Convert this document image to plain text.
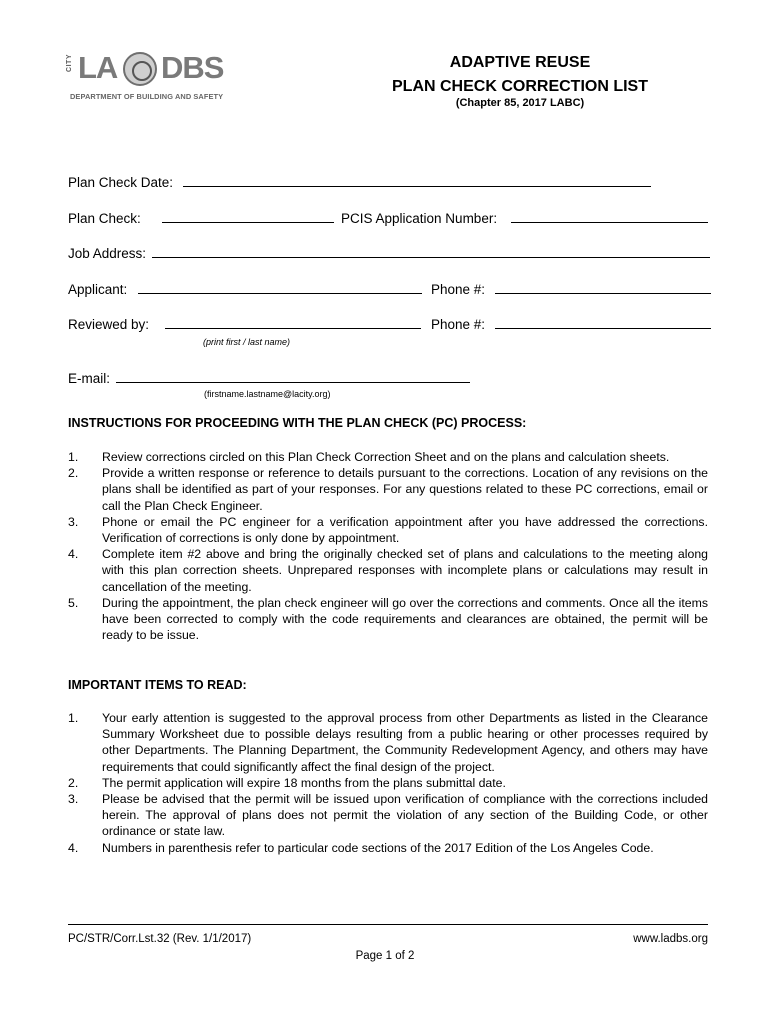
CITY LA DBS
DEPARTMENT OF BUILDING AND SAFETY
ADAPTIVE REUSE
PLAN CHECK CORRECTION LIST
(Chapter 85, 2017 LABC)
Plan Check Date:
Plan Check:	PCIS Application Number:
Job Address:
Applicant:	Phone #:
Reviewed by:	Phone #:
(print first / last name)
E-mail:
(firstname.lastname@lacity.org)
INSTRUCTIONS FOR PROCEEDING WITH THE PLAN CHECK (PC) PROCESS:
1. Review corrections circled on this Plan Check Correction Sheet and on the plans and calculation sheets.
2. Provide a written response or reference to details pursuant to the corrections. Location of any revisions on the plans shall be identified as part of your responses. For any questions related to these PC corrections, email or call the Plan Check Engineer.
3. Phone or email the PC engineer for a verification appointment after you have addressed the corrections. Verification of corrections is only done by appointment.
4. Complete item #2 above and bring the originally checked set of plans and calculations to the meeting along with this plan correction sheets. Unprepared responses with incomplete plans or calculations may result in cancellation of the meeting.
5. During the appointment, the plan check engineer will go over the corrections and comments. Once all the items have been corrected to comply with the code requirements and clearances are obtained, the permit will be ready to be issue.
IMPORTANT ITEMS TO READ:
1. Your early attention is suggested to the approval process from other Departments as listed in the Clearance Summary Worksheet due to possible delays resulting from a public hearing or other processes required by other Departments. The Planning Department, the Community Redevelopment Agency, and others may have requirements that could significantly affect the final design of the project.
2. The permit application will expire 18 months from the plans submittal date.
3. Please be advised that the permit will be issued upon verification of compliance with the corrections included herein. The approval of plans does not permit the violation of any section of the Building Code, or other ordinance or state law.
4. Numbers in parenthesis refer to particular code sections of the 2017 Edition of the Los Angeles Code.
PC/STR/Corr.Lst.32 (Rev. 1/1/2017)	www.ladbs.org
Page 1 of 2
